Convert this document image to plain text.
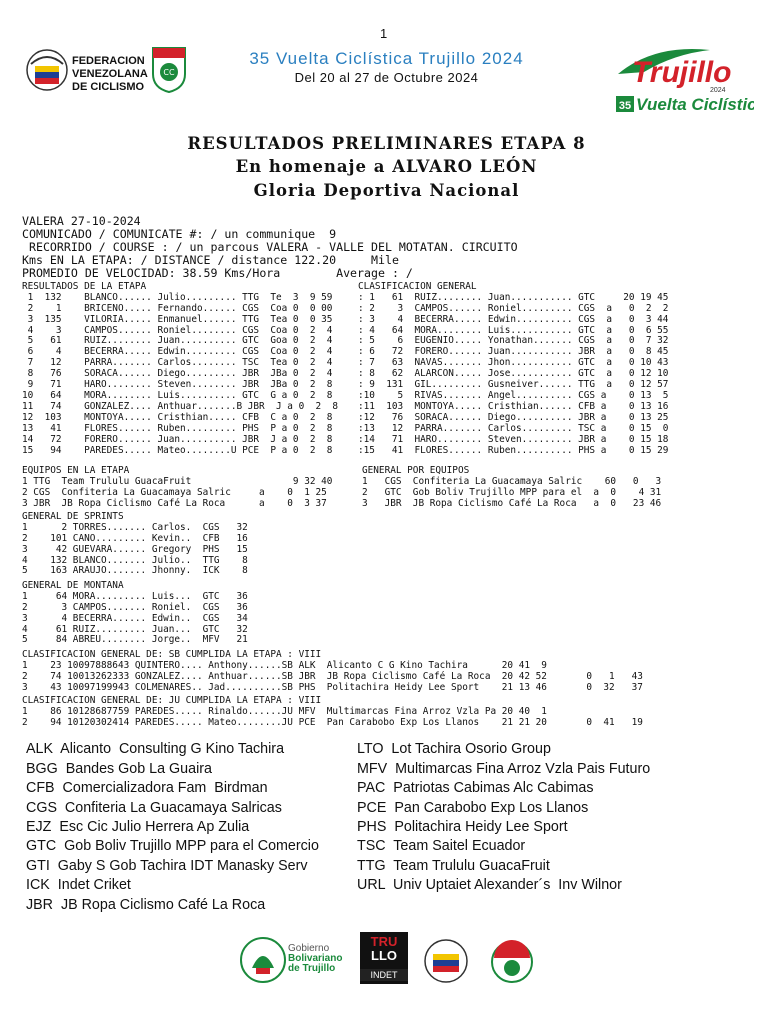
1
FEDERACION
VENEZOLANA
DE CICLISMO
CC
35 Vuelta Ciclística Trujillo 2024
Del 20 al 27 de Octubre 2024	Trujillo
2024
35 Vuelta Ciclística
RESULTADOS PRELIMINARES ETAPA 8
En homenaje a ALVARO LEÓN
Gloria Deportiva Nacional

VALERA 27-10-2024
COMUNICADO / COMUNICATE #: / un communique  9
RECORRIDO / COURSE : / un parcous VALERA - VALLE DEL MOTATAN. CIRCUITO
Kms EN LA ETAPA: / DISTANCE / distance 122.20     Mile
PROMEDIO DE VELOCIDAD: 38.59 Kms/Hora        Average : /

RESULTADOS DE LA ETAPA
1  132    BLANCO...... Julio......... TTG  Te  3  9 59
2    1    BRICENO..... Fernando...... CGS  Coa 0  0 00
3  135    VILORIA..... Enmanuel...... TTG  Tea 0  0 35
4    3    CAMPOS...... Roniel........ CGS  Coa 0  2  4
5   61    RUIZ........ Juan.......... GTC  Goa 0  2  4
6    4    BECERRA..... Edwin......... CGS  Coa 0  2  4
7   12    PARRA....... Carlos........ TSC  Tea 0  2  4
8   76    SORACA...... Diego......... JBR  JBa 0  2  4
9   71    HARO........ Steven........ JBR  JBa 0  2  8
10   64    MORA........ Luis.......... GTC  G a 0  2  8
11   74    GONZALEZ.... Anthuar.......B JBR  J a 0  2  8
12  103    MONTOYA..... Cristhian..... CFB  C a 0  2  8
13   41    FLORES...... Ruben......... PHS  P a 0  2  8
14   72    FORERO...... Juan.......... JBR  J a 0  2  8
15   94    PAREDES..... Mateo........U PCE  P a 0  2  8

CLASIFICACION GENERAL
: 1   61  RUIZ........ Juan........... GTC     20 19 45
: 2    3  CAMPOS...... Roniel......... CGS  a   0  2  2
: 3    4  BECERRA..... Edwin.......... CGS  a   0  3 44
: 4   64  MORA........ Luis........... GTC  a   0  6 55
: 5    6  EUGENIO..... Yonathan....... CGS  a   0  7 32
: 6   72  FORERO...... Juan........... JBR  a   0  8 45
: 7   63  NAVAS....... Jhon........... GTC  a   0 10 43
: 8   62  ALARCON..... Jose........... GTC  a   0 12 10
: 9  131  GIL......... Gusneiver...... TTG  a   0 12 57
:10    5  RIVAS....... Angel.......... CGS a    0 13  5
:11  103  MONTOYA..... Cristhian...... CFB a    0 13 16
:12   76  SORACA...... Diego.......... JBR a    0 13 25
:13   12  PARRA....... Carlos......... TSC a    0 15  0
:14   71  HARO........ Steven......... JBR a    0 15 18
:15   41  FLORES...... Ruben.......... PHS a    0 15 29

EQUIPOS EN LA ETAPA
1 TTG  Team Trululu GuacaFruit                  9 32 40
2 CGS  Confiteria La Guacamaya Salric     a    0  1 25
3 JBR  JB Ropa Ciclismo Café La Roca      a    0  3 37

GENERAL POR EQUIPOS
1   CGS  Confiteria La Guacamaya Salric    60   0   3
2   GTC  Gob Boliv Trujillo MPP para el  a  0    4 31
3   JBR  JB Ropa Ciclismo Café La Roca   a  0   23 46

GENERAL DE SPRINTS
1      2 TORRES....... Carlos.  CGS   32
2    101 CANO......... Kevin..  CFB   16
3     42 GUEVARA...... Gregory  PHS   15
4    132 BLANCO....... Julio..  TTG    8
5    163 ARAUJO....... Jhonny.  ICK    8

GENERAL DE MONTANA
1     64 MORA......... Luis...  GTC   36
2      3 CAMPOS....... Roniel.  CGS   36
3      4 BECERRA...... Edwin..  CGS   34
4     61 RUIZ......... Juan...  GTC   32
5     84 ABREU........ Jorge..  MFV   21

CLASIFICACION GENERAL DE: SB CUMPLIDA LA ETAPA : VIII
1    23 10097888643 QUINTERO.... Anthony......SB ALK  Alicanto C G Kino Tachira      20 41  9
2    74 10013262333 GONZALEZ.... Anthuar......SB JBR  JB Ropa Ciclismo Café La Roca  20 42 52       0   1   43
3    43 10097199943 COLMENARES.. Jad..........SB PHS  Politachira Heidy Lee Sport    21 13 46       0  32   37

CLASIFICACION GENERAL DE: JU CUMPLIDA LA ETAPA : VIII
1    86 10128687759 PAREDES..... Rinaldo......JU MFV  Multimarcas Fina Arroz Vzla Pa 20 40  1
2    94 10120302414 PAREDES..... Mateo........JU PCE  Pan Carabobo Exp Los Llanos    21 21 20       0  41   19

ALK  Alicanto  Consulting G Kino Tachira
BGG  Bandes Gob La Guaira
CFB  Comercializadora Fam  Birdman
CGS  Confiteria La Guacamaya Salricas
EJZ  Esc Cic Julio Herrera Ap Zulia
GTC  Gob Boliv Trujillo MPP para el Comercio
GTI  Gaby S Gob Tachira IDT Manasky Serv
ICK  Indet Criket
JBR  JB Ropa Ciclismo Café La Roca

LTO  Lot Tachira Osorio Group
MFV  Multimarcas Fina Arroz Vzla Pais Futuro
PAC  Patriotas Cabimas Alc Cabimas
PCE  Pan Carabobo Exp Los Llanos
PHS  Politachira Heidy Lee Sport
TSC  Team Saitel Ecuador
TTG  Team Trululu GuacaFruit
URL  Univ Uptaiet Alexander´s  Inv Wilnor

Gobierno
Bolivariano
de Trujillo
TRU
LLO
INDET
